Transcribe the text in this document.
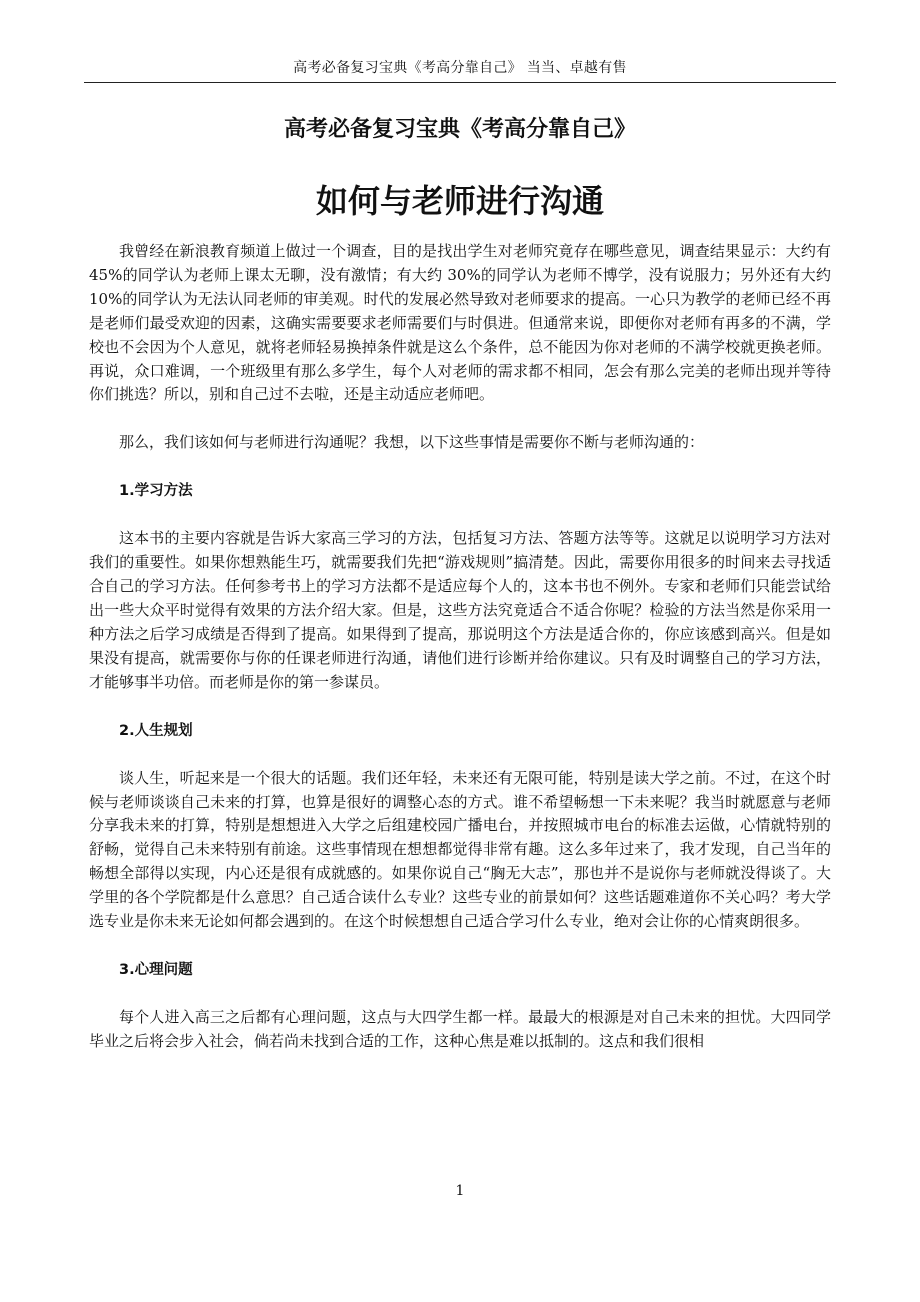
高考必备复习宝典《考高分靠自己》 当当、卓越有售
高考必备复习宝典《考高分靠自己》
如何与老师进行沟通

我曾经在新浪教育频道上做过一个调查，目的是找出学生对老师究竟存在哪些意见，调查结果显示：大约有 45%的同学认为老师上课太无聊，没有激情；有大约 30%的同学认为老师不博学，没有说服力；另外还有大约 10%的同学认为无法认同老师的审美观。时代的发展必然导致对老师要求的提高。一心只为教学的老师已经不再是老师们最受欢迎的因素，这确实需要要求老师需要们与时俱进。但通常来说，即便你对老师有再多的不满，学校也不会因为个人意见，就将老师轻易换掉条件就是这么个条件，总不能因为你对老师的不满学校就更换老师。再说，众口难调，一个班级里有那么多学生，每个人对老师的需求都不相同，怎会有那么完美的老师出现并等待你们挑选？所以，别和自己过不去啦，还是主动适应老师吧。

那么，我们该如何与老师进行沟通呢？我想，以下这些事情是需要你不断与老师沟通的：

1.学习方法

这本书的主要内容就是告诉大家高三学习的方法，包括复习方法、答题方法等等。这就足以说明学习方法对我们的重要性。如果你想熟能生巧，就需要我们先把“游戏规则”搞清楚。因此，需要你用很多的时间来去寻找适合自己的学习方法。任何参考书上的学习方法都不是适应每个人的，这本书也不例外。专家和老师们只能尝试给出一些大众平时觉得有效果的方法介绍大家。但是，这些方法究竟适合不适合你呢？检验的方法当然是你采用一种方法之后学习成绩是否得到了提高。如果得到了提高，那说明这个方法是适合你的，你应该感到高兴。但是如果没有提高，就需要你与你的任课老师进行沟通，请他们进行诊断并给你建议。只有及时调整自己的学习方法，才能够事半功倍。而老师是你的第一参谋员。

2.人生规划

谈人生，听起来是一个很大的话题。我们还年轻，未来还有无限可能，特别是读大学之前。不过，在这个时候与老师谈谈自己未来的打算，也算是很好的调整心态的方式。谁不希望畅想一下未来呢？我当时就愿意与老师分享我未来的打算，特别是想想进入大学之后组建校园广播电台，并按照城市电台的标准去运做，心情就特别的舒畅，觉得自己未来特别有前途。这些事情现在想想都觉得非常有趣。这么多年过来了，我才发现，自己当年的畅想全部得以实现，内心还是很有成就感的。如果你说自己“胸无大志”，那也并不是说你与老师就没得谈了。大学里的各个学院都是什么意思？自己适合读什么专业？这些专业的前景如何？这些话题难道你不关心吗？考大学选专业是你未来无论如何都会遇到的。在这个时候想想自己适合学习什么专业，绝对会让你的心情爽朗很多。

3.心理问题

每个人进入高三之后都有心理问题，这点与大四学生都一样。最最大的根源是对自己未来的担忧。大四同学毕业之后将会步入社会，倘若尚未找到合适的工作，这种心焦是难以抵制的。这点和我们很相

1
